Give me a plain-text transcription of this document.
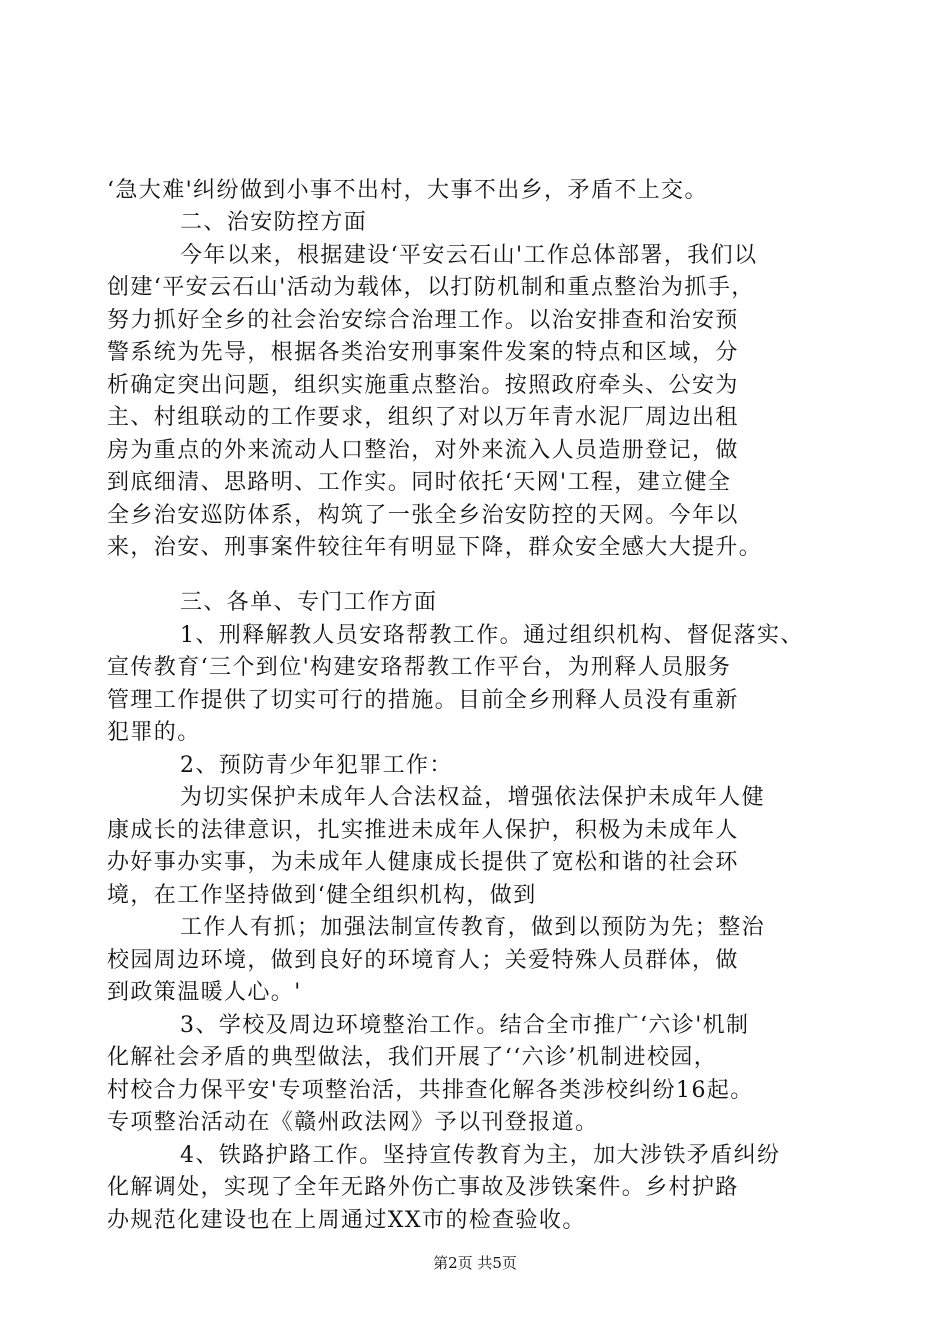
‘急大难'纠纷做到小事不出村，大事不出乡，矛盾不上交。
二、治安防控方面
今年以来，根据建设‘平安云石山'工作总体部署，我们以
创建‘平安云石山'活动为载体，以打防机制和重点整治为抓手，
努力抓好全乡的社会治安综合治理工作。以治安排查和治安预
警系统为先导，根据各类治安刑事案件发案的特点和区域，分
析确定突出问题，组织实施重点整治。按照政府牵头、公安为
主、村组联动的工作要求，组织了对以万年青水泥厂周边出租
房为重点的外来流动人口整治，对外来流入人员造册登记，做
到底细清、思路明、工作实。同时依托‘天网'工程，建立健全
全乡治安巡防体系，构筑了一张全乡治安防控的天网。今年以
来，治安、刑事案件较往年有明显下降，群众安全感大大提升。
三、各单、专门工作方面
1、刑释解教人员安珞帮教工作。通过组织机构、督促落实、
宣传教育‘三个到位'构建安珞帮教工作平台，为刑释人员服务
管理工作提供了切实可行的措施。目前全乡刑释人员没有重新
犯罪的。
2、预防青少年犯罪工作：
为切实保护未成年人合法权益，增强依法保护未成年人健
康成长的法律意识，扎实推进未成年人保护，积极为未成年人
办好事办实事，为未成年人健康成长提供了宽松和谐的社会环
境，在工作坚持做到‘健全组织机构，做到
工作人有抓；加强法制宣传教育，做到以预防为先；整治
校园周边环境，做到良好的环境育人；关爱特殊人员群体，做
到政策温暖人心。'
3、学校及周边环境整治工作。结合全市推广‘六诊'机制
化解社会矛盾的典型做法，我们开展了‘‘六诊’机制进校园，
村校合力保平安'专项整治活，共排查化解各类涉校纠纷16起。
专项整治活动在《赣州政法网》予以刊登报道。
4、铁路护路工作。坚持宣传教育为主，加大涉铁矛盾纠纷
化解调处，实现了全年无路外伤亡事故及涉铁案件。乡村护路
办规范化建设也在上周通过XX市的检查验收。
第2页 共5页
